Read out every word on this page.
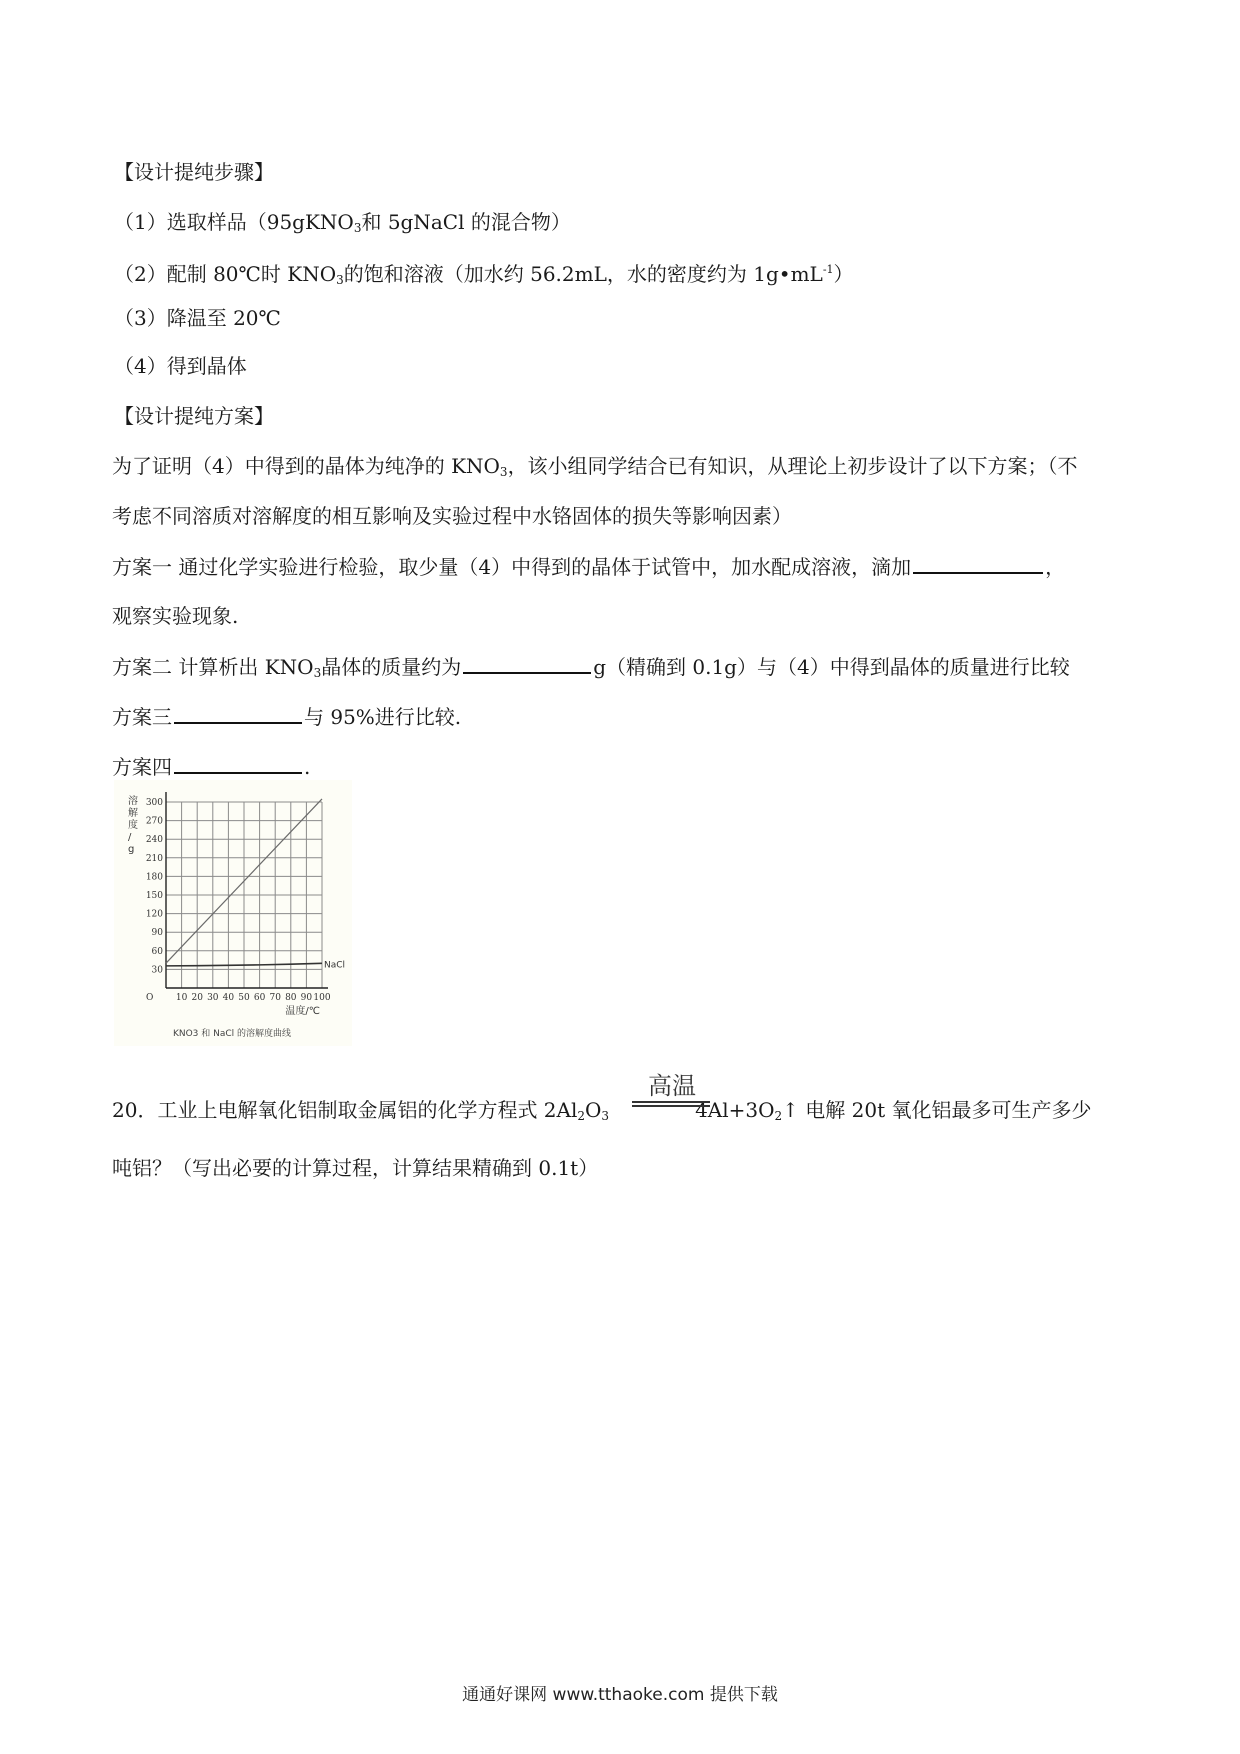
【设计提纯步骤】
（1）选取样品（95gKNO$_3$和 5gNaCl 的混合物）
（2）配制 80℃时 $KNO_3$的饱和溶液（加水约 56.2mL，水的密度约为 $1g•mL^{-1}$）
（3）降温至 20℃
（4）得到晶体
【设计提纯方案】
为了证明（4）中得到的晶体为纯净的 $KNO_3$，该小组同学结合已有知识，从理论上初步设计了以下方案；（不
考虑不同溶质对溶解度的相互影响及实验过程中水铬固体的损失等影响因素）
方案一 通过化学实验进行检验，取少量（4）中得到的晶体于试管中，加水配成溶液，滴加	，
观察实验现象.
方案二 计算析出 $KNO_3$晶体的质量约为	g（精确到 0.1g）与（4）中得到晶体的质量进行比较
方案三	与 95%进行比较.
方案四	.
10 20 30 40 50 60 70 80 90 100
30
60
90
120
150
180
210
240
270
300
O
溶
解
度
/
g
温度/℃
NaCl
KNO3 和 NaCl 的溶解度曲线
20．工业上电解氧化铝制取金属铝的化学方程式 $2Al_2O_3$	$4Al+3O_2↑$ 电解 20t 氧化铝最多可生产多少
高温
吨铝？（写出必要的计算过程，计算结果精确到 0.1t）
通通好课网 www.tthaoke.com 提供下载
